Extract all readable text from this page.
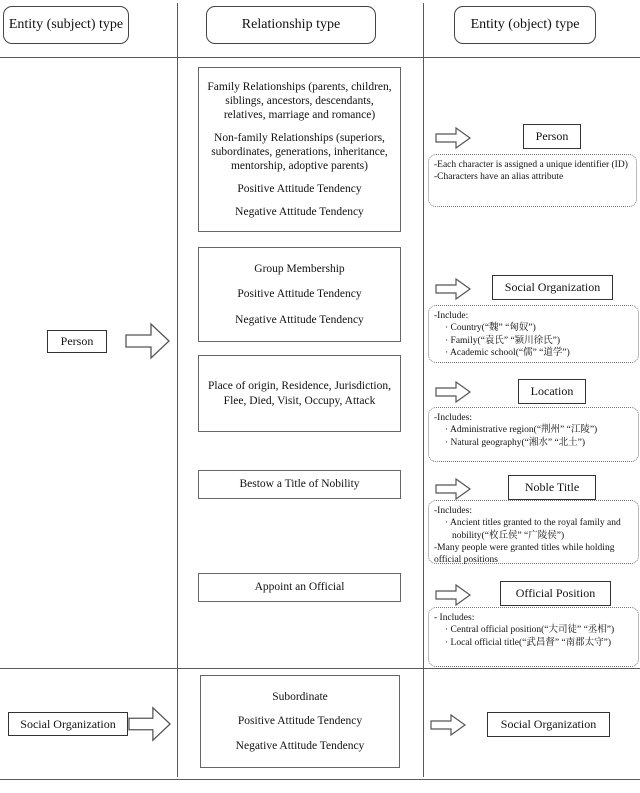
Entity (subject) type	Relationship type	Entity (object) type
Person

Family Relationships (parents, children, siblings, ancestors, descendants, relatives, marriage and romance)

Non-family Relationships (superiors, subordinates, generations, inheritance, mentorship, adoptive parents)

Positive Attitude Tendency

Negative Attitude Tendency

Group Membership

Positive Attitude Tendency

Negative Attitude Tendency

Place of origin, Residence, Jurisdiction, Flee, Died, Visit, Occupy, Attack

Bestow a Title of Nobility

Appoint an Official

Person
-Each character is assigned a unique identifier (ID)
-Characters have an alias attribute
Social Organization
-Include:
· Country(“魏” “匈奴”)
· Family(“袁氏” “颍川徐氏”)
· Academic school(“儒” “道学”)
Location
-Includes:
· Administrative region(“荆州” “江陵”)
· Natural geography(“湘水” “北土”)
Noble Title
-Includes:
· Ancient titles granted to the royal family and nobility(“枚丘侯” “广陵侯”)
-Many people were granted titles while holding official positions
Official Position
- Includes:
· Central official position(“大司徒” “丞相”)
· Local official title(“武昌督” “南郡太守”)
Social Organization

Subordinate

Positive Attitude Tendency

Negative Attitude Tendency

Social Organization
